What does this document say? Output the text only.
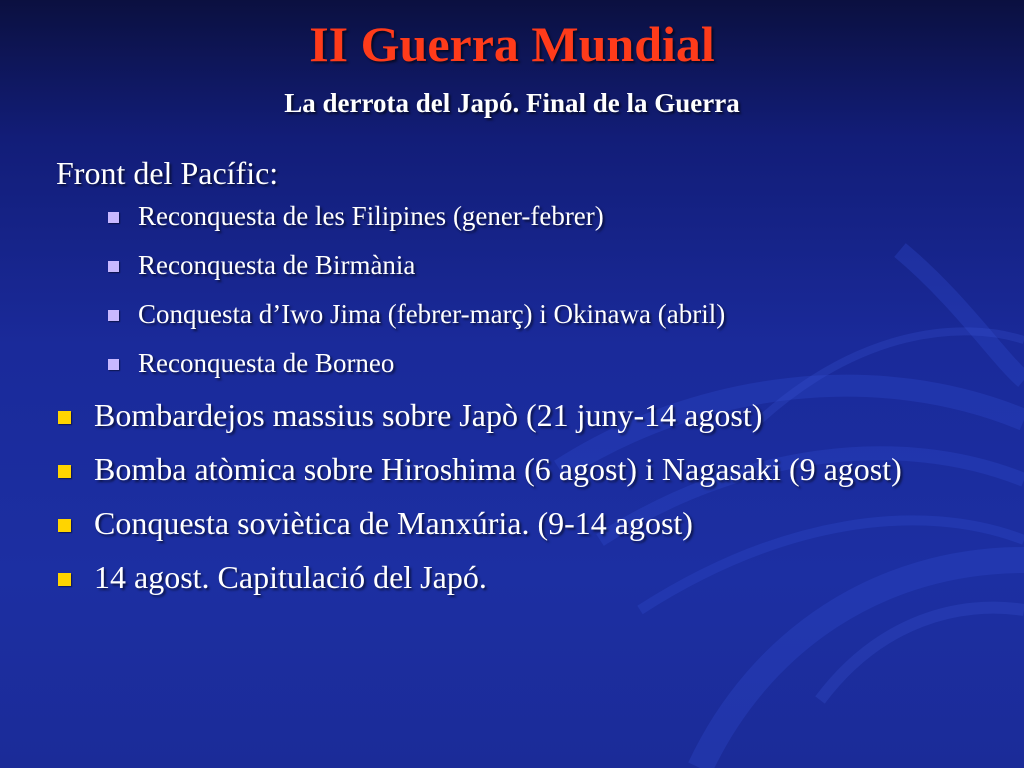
II Guerra Mundial
La derrota del Japó. Final de la Guerra
Front del Pacífic:
Reconquesta de les Filipines (gener-febrer)
Reconquesta de Birmània
Conquesta d’Iwo Jima (febrer-març) i Okinawa (abril)
Reconquesta de Borneo
Bombardejos massius sobre Japò (21 juny-14 agost)
Bomba atòmica sobre Hiroshima (6 agost) i Nagasaki (9 agost)
Conquesta soviètica de Manxúria. (9-14 agost)
14 agost. Capitulació del Japó.
